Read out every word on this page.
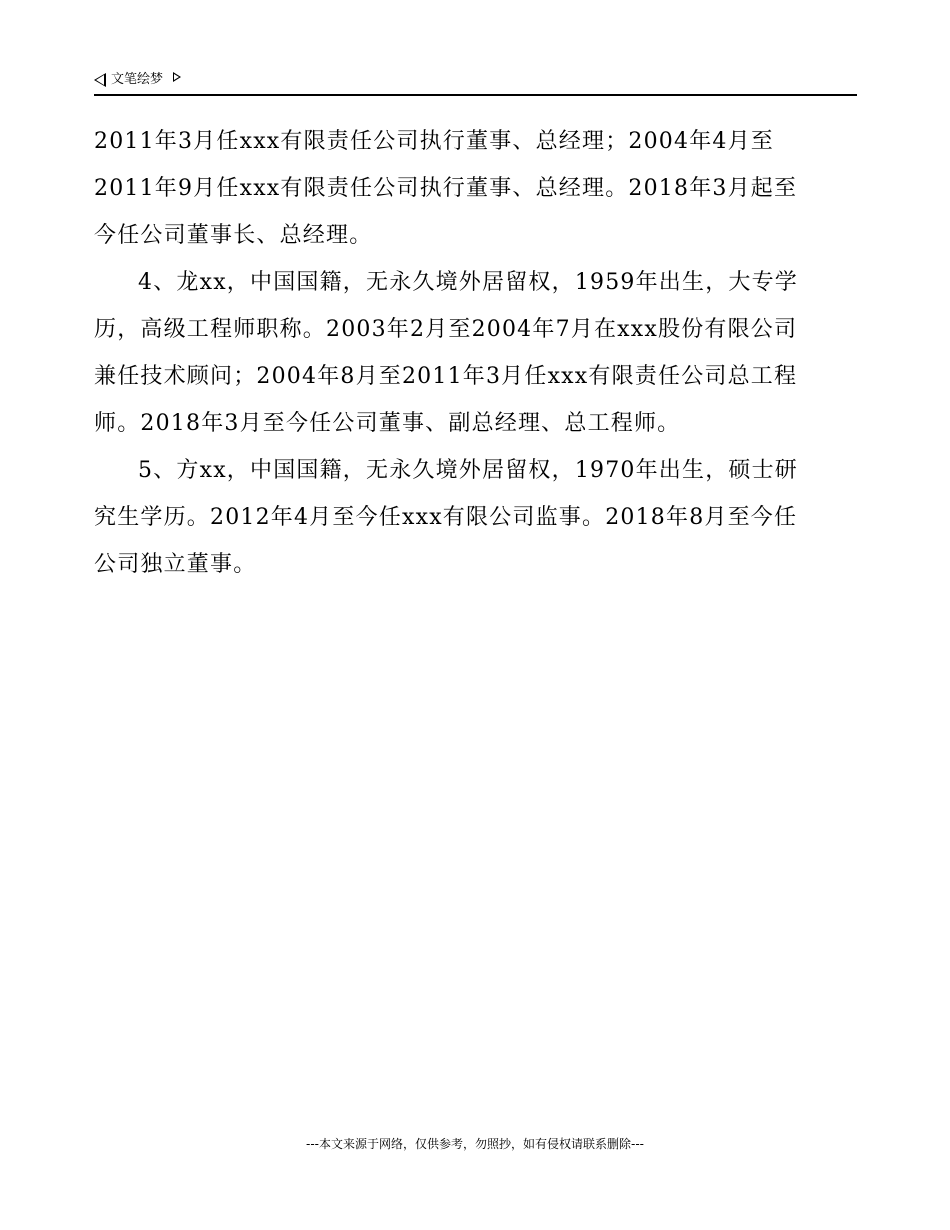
文笔绘梦
2011年3月任xxx有限责任公司执行董事、总经理；2004年4月至
2011年9月任xxx有限责任公司执行董事、总经理。2018年3月起至
今任公司董事长、总经理。
4、龙xx，中国国籍，无永久境外居留权，1959年出生，大专学
历，高级工程师职称。2003年2月至2004年7月在xxx股份有限公司
兼任技术顾问；2004年8月至2011年3月任xxx有限责任公司总工程
师。2018年3月至今任公司董事、副总经理、总工程师。
5、方xx，中国国籍，无永久境外居留权，1970年出生，硕士研
究生学历。2012年4月至今任xxx有限公司监事。2018年8月至今任
公司独立董事。
---本文来源于网络，仅供参考，勿照抄，如有侵权请联系删除---
